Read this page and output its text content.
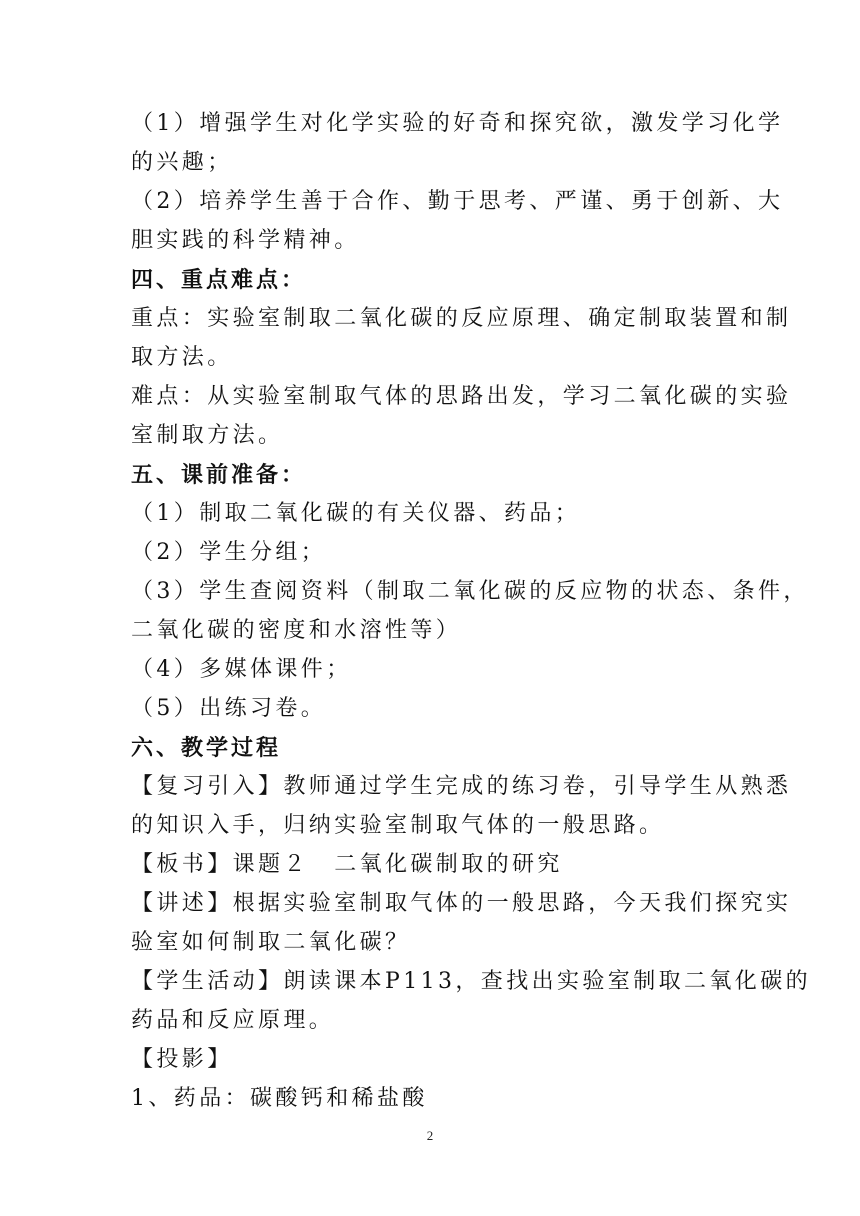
（1）增强学生对化学实验的好奇和探究欲，激发学习化学
的兴趣；
（2）培养学生善于合作、勤于思考、严谨、勇于创新、大
胆实践的科学精神。
四、重点难点：
重点：实验室制取二氧化碳的反应原理、确定制取装置和制
取方法。
难点：从实验室制取气体的思路出发，学习二氧化碳的实验
室制取方法。
五、课前准备：
（1）制取二氧化碳的有关仪器、药品；
（2）学生分组；
（3）学生查阅资料（制取二氧化碳的反应物的状态、条件，
二氧化碳的密度和水溶性等）
（4）多媒体课件；
（5）出练习卷。
六、教学过程
【复习引入】教师通过学生完成的练习卷，引导学生从熟悉
的知识入手，归纳实验室制取气体的一般思路。
【板书】课题２　二氧化碳制取的研究
【讲述】根据实验室制取气体的一般思路，今天我们探究实
验室如何制取二氧化碳？
【学生活动】朗读课本P113，查找出实验室制取二氧化碳的
药品和反应原理。
【投影】
1、药品：碳酸钙和稀盐酸
2
